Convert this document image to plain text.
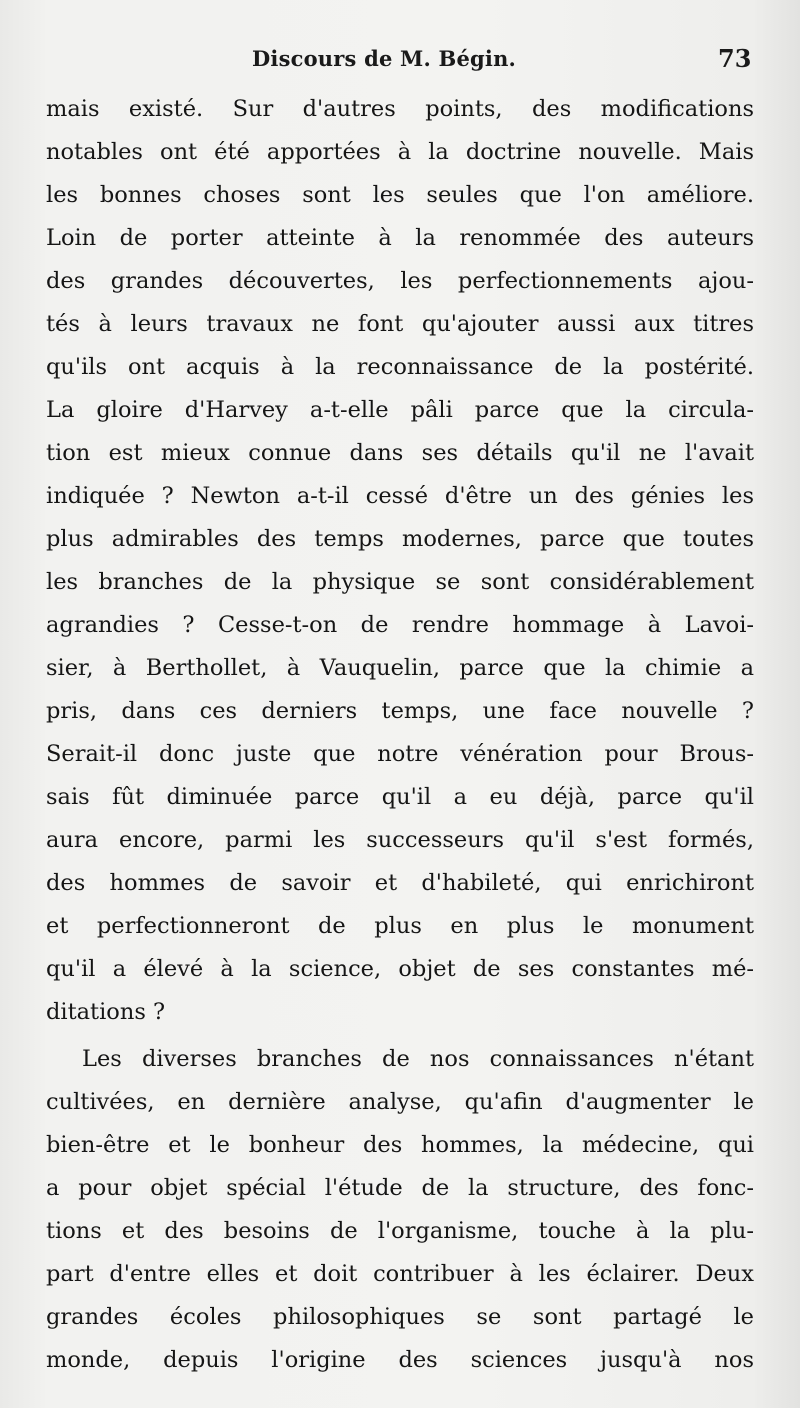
Discours de M. Bégin.	73
mais existé. Sur d'autres points, des modifications
notables ont été apportées à la doctrine nouvelle. Mais
les bonnes choses sont les seules que l'on améliore.
Loin de porter atteinte à la renommée des auteurs
des grandes découvertes, les perfectionnements ajou-
tés à leurs travaux ne font qu'ajouter aussi aux titres
qu'ils ont acquis à la reconnaissance de la postérité.
La gloire d'Harvey a-t-elle pâli parce que la circula-
tion est mieux connue dans ses détails qu'il ne l'avait
indiquée ? Newton a-t-il cessé d'être un des génies les
plus admirables des temps modernes, parce que toutes
les branches de la physique se sont considérablement
agrandies ? Cesse-t-on de rendre hommage à Lavoi-
sier, à Berthollet, à Vauquelin, parce que la chimie a
pris, dans ces derniers temps, une face nouvelle ?
Serait-il donc juste que notre vénération pour Brous-
sais fût diminuée parce qu'il a eu déjà, parce qu'il
aura encore, parmi les successeurs qu'il s'est formés,
des hommes de savoir et d'habileté, qui enrichiront
et perfectionneront de plus en plus le monument
qu'il a élevé à la science, objet de ses constantes mé-
ditations ?
Les diverses branches de nos connaissances n'étant
cultivées, en dernière analyse, qu'afin d'augmenter le
bien-être et le bonheur des hommes, la médecine, qui
a pour objet spécial l'étude de la structure, des fonc-
tions et des besoins de l'organisme, touche à la plu-
part d'entre elles et doit contribuer à les éclairer. Deux
grandes écoles philosophiques se sont partagé le
monde, depuis l'origine des sciences jusqu'à nos
